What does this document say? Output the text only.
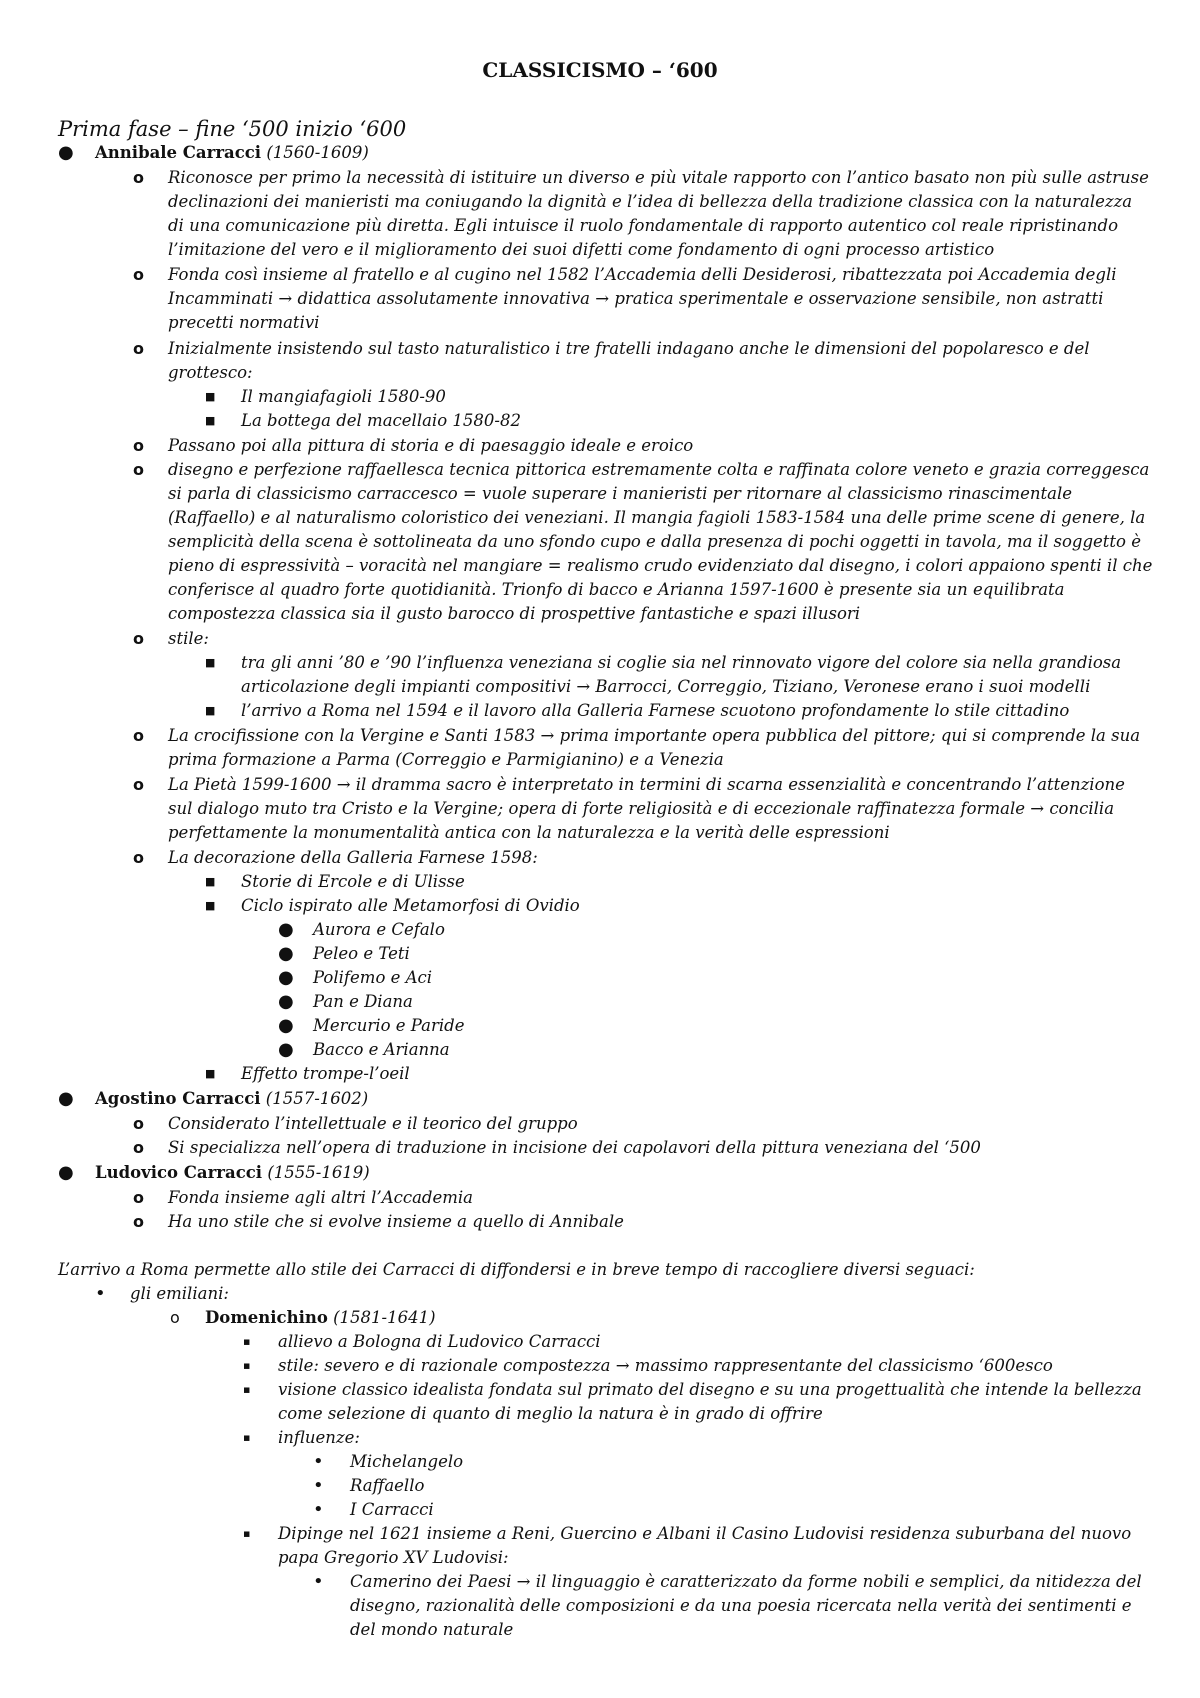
CLASSICISMO – ‘600
Prima fase – fine ‘500 inizio ‘600
● Annibale Carracci (1560-1609)
o Riconosce per primo la necessità di istituire un diverso e più vitale rapporto con l’antico basato non più sulle astruse
declinazioni dei manieristi ma coniugando la dignità e l’idea di bellezza della tradizione classica con la naturalezza
di una comunicazione più diretta. Egli intuisce il ruolo fondamentale di rapporto autentico col reale ripristinando
l’imitazione del vero e il miglioramento dei suoi difetti come fondamento di ogni processo artistico
o Fonda così insieme al fratello e al cugino nel 1582 l’Accademia delli Desiderosi, ribattezzata poi Accademia degli
Incamminati → didattica assolutamente innovativa → pratica sperimentale e osservazione sensibile, non astratti
precetti normativi
o Inizialmente insistendo sul tasto naturalistico i tre fratelli indagano anche le dimensioni del popolaresco e del
grottesco:
■ Il mangiafagioli 1580-90
■ La bottega del macellaio 1580-82
o Passano poi alla pittura di storia e di paesaggio ideale e eroico
o disegno e perfezione raffaellesca tecnica pittorica estremamente colta e raffinata colore veneto e grazia correggesca
si parla di classicismo carraccesco = vuole superare i manieristi per ritornare al classicismo rinascimentale
(Raffaello) e al naturalismo coloristico dei veneziani. Il mangia fagioli 1583-1584 una delle prime scene di genere, la
semplicità della scena è sottolineata da uno sfondo cupo e dalla presenza di pochi oggetti in tavola, ma il soggetto è
pieno di espressività – voracità nel mangiare = realismo crudo evidenziato dal disegno, i colori appaiono spenti il che
conferisce al quadro forte quotidianità. Trionfo di bacco e Arianna 1597-1600 è presente sia un equilibrata
compostezza classica sia il gusto barocco di prospettive fantastiche e spazi illusori
o stile:
■ tra gli anni ’80 e ’90 l’influenza veneziana si coglie sia nel rinnovato vigore del colore sia nella grandiosa
articolazione degli impianti compositivi → Barrocci, Correggio, Tiziano, Veronese erano i suoi modelli
■ l’arrivo a Roma nel 1594 e il lavoro alla Galleria Farnese scuotono profondamente lo stile cittadino
o La crocifissione con la Vergine e Santi 1583 → prima importante opera pubblica del pittore; qui si comprende la sua
prima formazione a Parma (Correggio e Parmigianino) e a Venezia
o La Pietà 1599-1600 → il dramma sacro è interpretato in termini di scarna essenzialità e concentrando l’attenzione
sul dialogo muto tra Cristo e la Vergine; opera di forte religiosità e di eccezionale raffinatezza formale → concilia
perfettamente la monumentalità antica con la naturalezza e la verità delle espressioni
o La decorazione della Galleria Farnese 1598:
■ Storie di Ercole e di Ulisse
■ Ciclo ispirato alle Metamorfosi di Ovidio
● Aurora e Cefalo
● Peleo e Teti
● Polifemo e Aci
● Pan e Diana
● Mercurio e Paride
● Bacco e Arianna
■ Effetto trompe-l’oeil
● Agostino Carracci (1557-1602)
o Considerato l’intellettuale e il teorico del gruppo
o Si specializza nell’opera di traduzione in incisione dei capolavori della pittura veneziana del ‘500
● Ludovico Carracci (1555-1619)
o Fonda insieme agli altri l’Accademia
o Ha uno stile che si evolve insieme a quello di Annibale
L’arrivo a Roma permette allo stile dei Carracci di diffondersi e in breve tempo di raccogliere diversi seguaci:
• gli emiliani:
o Domenichino (1581-1641)
▪ allievo a Bologna di Ludovico Carracci
▪ stile: severo e di razionale compostezza → massimo rappresentante del classicismo ‘600esco
▪ visione classico idealista fondata sul primato del disegno e su una progettualità che intende la bellezza
come selezione di quanto di meglio la natura è in grado di offrire
▪ influenze:
• Michelangelo
• Raffaello
• I Carracci
▪ Dipinge nel 1621 insieme a Reni, Guercino e Albani il Casino Ludovisi residenza suburbana del nuovo
papa Gregorio XV Ludovisi:
• Camerino dei Paesi → il linguaggio è caratterizzato da forme nobili e semplici, da nitidezza del
disegno, razionalità delle composizioni e da una poesia ricercata nella verità dei sentimenti e
del mondo naturale
